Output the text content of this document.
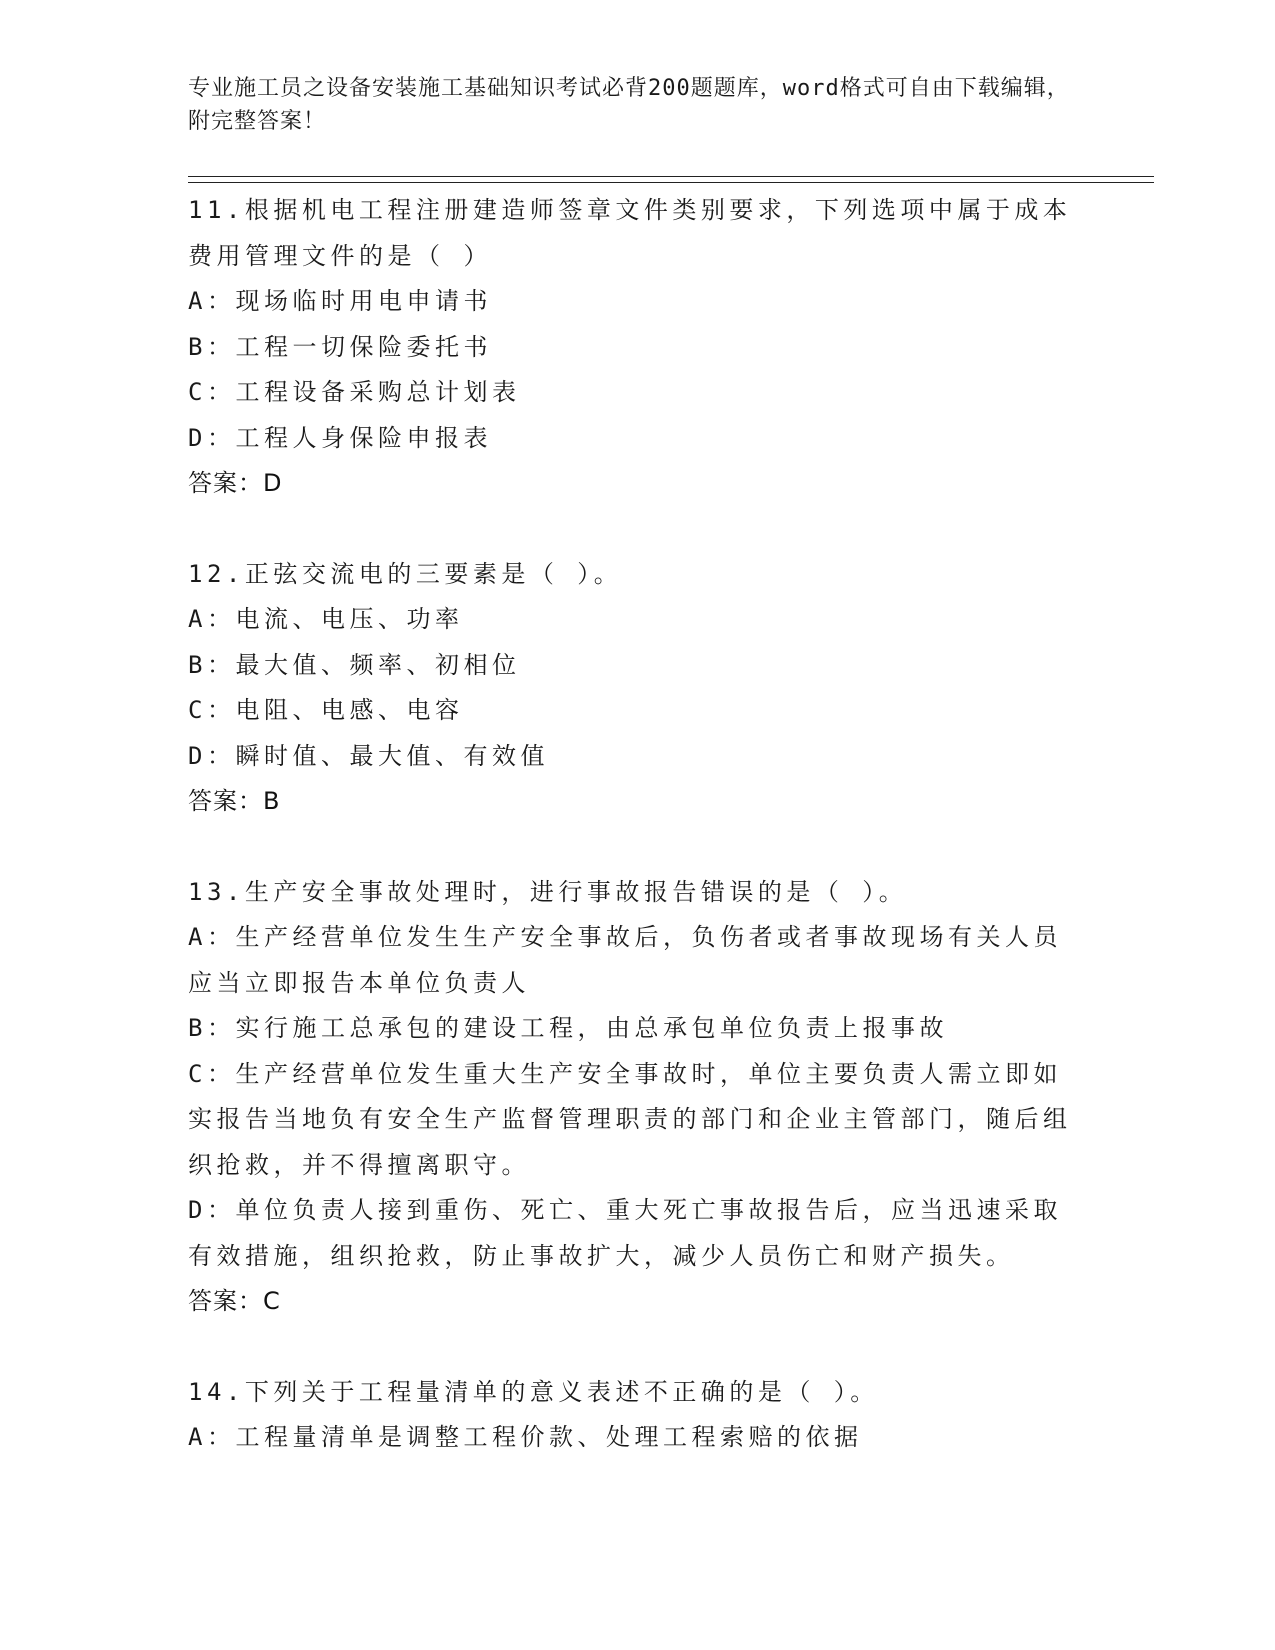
专业施工员之设备安装施工基础知识考试必背200题题库，word格式可自由下载编辑，附完整答案！
11.根据机电工程注册建造师签章文件类别要求，下列选项中属于成本费用管理文件的是（ ）
A：现场临时用电申请书
B：工程一切保险委托书
C：工程设备采购总计划表
D：工程人身保险申报表
答案：D
12.正弦交流电的三要素是（ ）。
A：电流、电压、功率
B：最大值、频率、初相位
C：电阻、电感、电容
D：瞬时值、最大值、有效值
答案：B
13.生产安全事故处理时，进行事故报告错误的是（ ）。
A：生产经营单位发生生产安全事故后，负伤者或者事故现场有关人员应当立即报告本单位负责人
B：实行施工总承包的建设工程，由总承包单位负责上报事故
C：生产经营单位发生重大生产安全事故时，单位主要负责人需立即如实报告当地负有安全生产监督管理职责的部门和企业主管部门，随后组织抢救，并不得擅离职守。
D：单位负责人接到重伤、死亡、重大死亡事故报告后，应当迅速采取有效措施，组织抢救，防止事故扩大，减少人员伤亡和财产损失。
答案：C
14.下列关于工程量清单的意义表述不正确的是（ ）。
A：工程量清单是调整工程价款、处理工程索赔的依据
